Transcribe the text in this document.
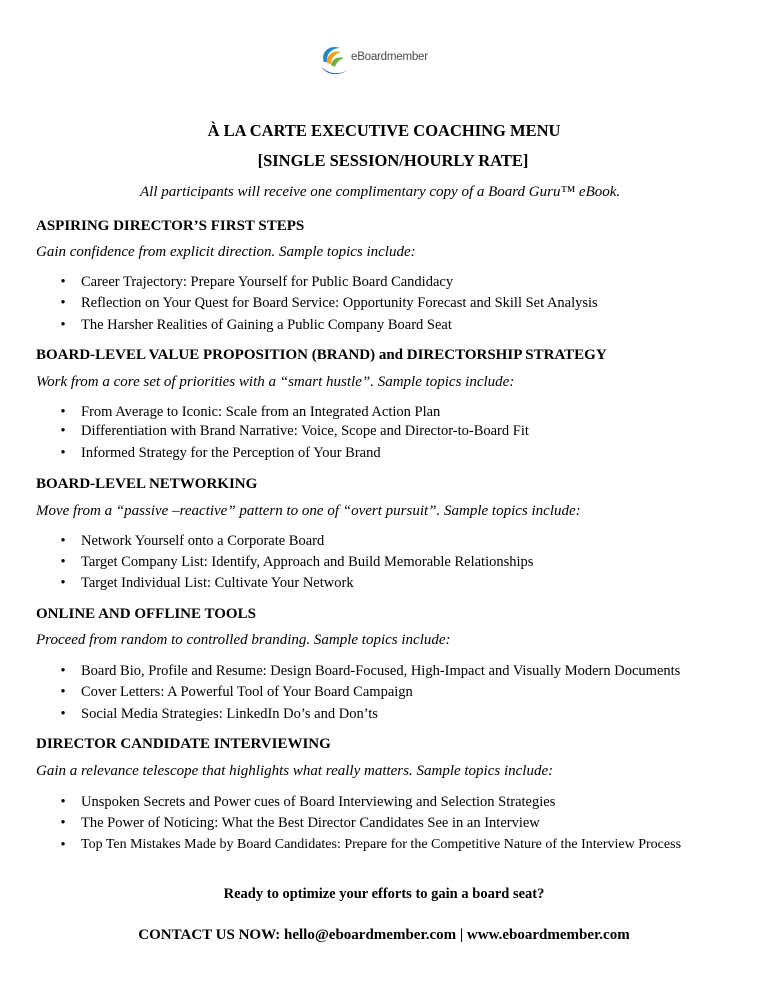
eBoardmember
À LA CARTE EXECUTIVE COACHING MENU
[SINGLE SESSION/HOURLY RATE]
All participants will receive one complimentary copy of a Board Guru™ eBook.
ASPIRING DIRECTOR’S FIRST STEPS
Gain confidence from explicit direction. Sample topics include:
• Career Trajectory: Prepare Yourself for Public Board Candidacy
• Reflection on Your Quest for Board Service: Opportunity Forecast and Skill Set Analysis
• The Harsher Realities of Gaining a Public Company Board Seat
BOARD-LEVEL VALUE PROPOSITION (BRAND) and DIRECTORSHIP STRATEGY
Work from a core set of priorities with a “smart hustle”. Sample topics include:
• From Average to Iconic: Scale from an Integrated Action Plan
• Differentiation with Brand Narrative: Voice, Scope and Director-to-Board Fit
• Informed Strategy for the Perception of Your Brand
BOARD-LEVEL NETWORKING
Move from a “passive –reactive” pattern to one of “overt pursuit”. Sample topics include:
• Network Yourself onto a Corporate Board
• Target Company List: Identify, Approach and Build Memorable Relationships
• Target Individual List: Cultivate Your Network
ONLINE AND OFFLINE TOOLS
Proceed from random to controlled branding. Sample topics include:
• Board Bio, Profile and Resume: Design Board-Focused, High-Impact and Visually Modern Documents
• Cover Letters: A Powerful Tool of Your Board Campaign
• Social Media Strategies: LinkedIn Do’s and Don’ts
DIRECTOR CANDIDATE INTERVIEWING
Gain a relevance telescope that highlights what really matters. Sample topics include:
• Unspoken Secrets and Power cues of Board Interviewing and Selection Strategies
• The Power of Noticing: What the Best Director Candidates See in an Interview
• Top Ten Mistakes Made by Board Candidates: Prepare for the Competitive Nature of the Interview Process
Ready to optimize your efforts to gain a board seat?
CONTACT US NOW: hello@eboardmember.com | www.eboardmember.com
